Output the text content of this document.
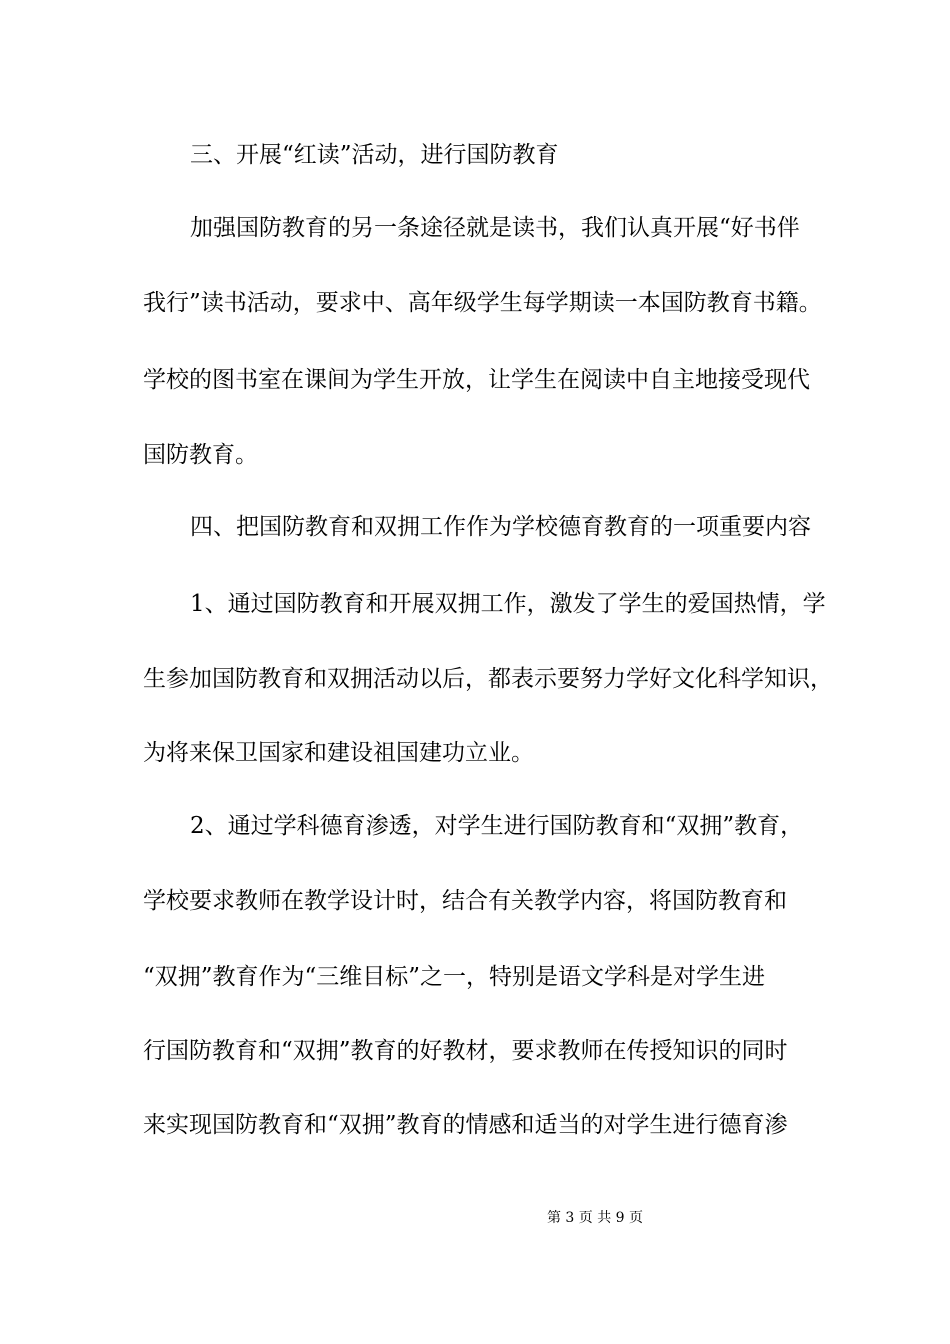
三、开展“红读”活动，进行国防教育
加强国防教育的另一条途径就是读书，我们认真开展“好书伴
我行”读书活动，要求中、高年级学生每学期读一本国防教育书籍。
学校的图书室在课间为学生开放，让学生在阅读中自主地接受现代
国防教育。
四、把国防教育和双拥工作作为学校德育教育的一项重要内容
1、通过国防教育和开展双拥工作，激发了学生的爱国热情，学
生参加国防教育和双拥活动以后，都表示要努力学好文化科学知识，
为将来保卫国家和建设祖国建功立业。
2、通过学科德育渗透，对学生进行国防教育和“双拥”教育，
学校要求教师在教学设计时，结合有关教学内容，将国防教育和
“双拥”教育作为“三维目标”之一，特别是语文学科是对学生进
行国防教育和“双拥”教育的好教材，要求教师在传授知识的同时
来实现国防教育和“双拥”教育的情感和适当的对学生进行德育渗
第 3 页 共 9 页
